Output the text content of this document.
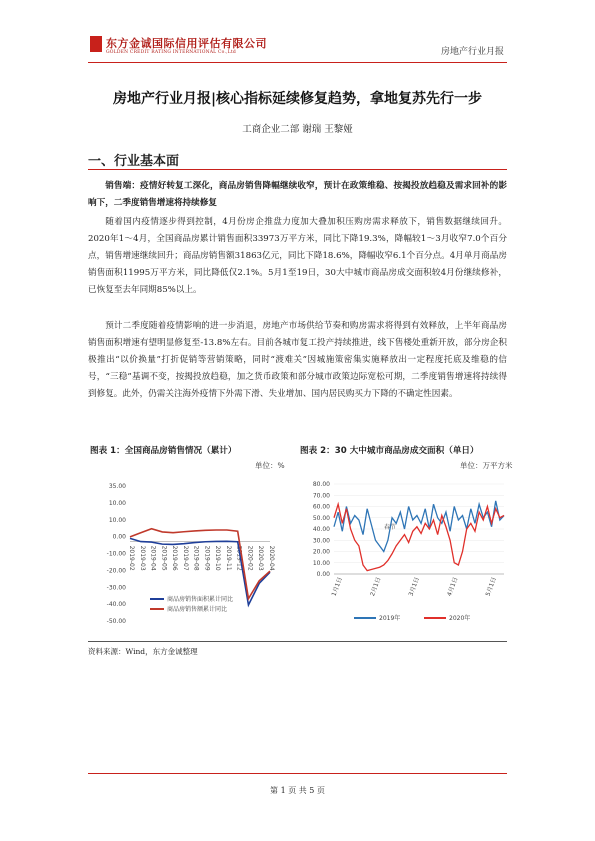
东方金诚国际信用评估有限公司
GOLDEN CREDIT RATING INTERNATIONAL Co.,Ltd	房地产行业月报
房地产行业月报|核心指标延续修复趋势，拿地复苏先行一步
工商企业二部 谢瑞 王黎娅
一、行业基本面
销售端：疫情好转复工深化，商品房销售降幅继续收窄，预计在政策维稳、按揭投放趋稳及需求回补的影响下，二季度销售增速将持续修复
随着国内疫情逐步得到控制，4月份房企推盘力度加大叠加积压购房需求释放下，销售数据继续回升。2020年1～4月，全国商品房累计销售面积33973万平方米，同比下降19.3%，降幅较1～3月收窄7.0个百分点，销售增速继续回升；商品房销售额31863亿元，同比下降18.6%，降幅收窄6.1个百分点。4月单月商品房销售面积11995万平方米，同比降低仅2.1%。5月1至19日，30大中城市商品房成交面积较4月份继续修补，已恢复至去年同期85%以上。
预计二季度随着疫情影响的进一步消退，房地产市场供给节奏和购房需求将得到有效释放，上半年商品房销售面积增速有望明显修复至-13.8%左右。目前各城市复工投产持续推进，线下售楼处重新开放，部分房企积极推出“以价换量”打折促销等营销策略，同时“渡难关”因城施策密集实施释放出一定程度托底及维稳的信号，“三稳”基调不变，按揭投放趋稳，加之货币政策和部分城市政策边际宽松可期，二季度销售增速将持续得到修复。此外，仍需关注海外疫情下外需下滑、失业增加、国内居民购买力下降的不确定性因素。
图表 1：全国商品房销售情况（累计）
单位：%
图表 2：30 大中城市商品房成交面积（单日）
单位：万平方米
35.00
10.00
10.00
0.00
-10.00
-20.00
-30.00
-40.00
-50.00
2019-02 2019-03 2019-04 2019-05 2019-06 2019-07 2019-08 2019-09 2019-10 2019-11 2019-12 2020-02 2020-03 2020-04
商品房销售面积累计同比
商品房销售额累计同比
0.00
10.00
20.00
30.00
40.00
50.00
60.00
70.00
80.00
1月1日	2月1日	3月1日	4月1日	5月1日
春节
2019年	2020年
资料来源：Wind，东方金诚整理
第 1 页 共 5 页
